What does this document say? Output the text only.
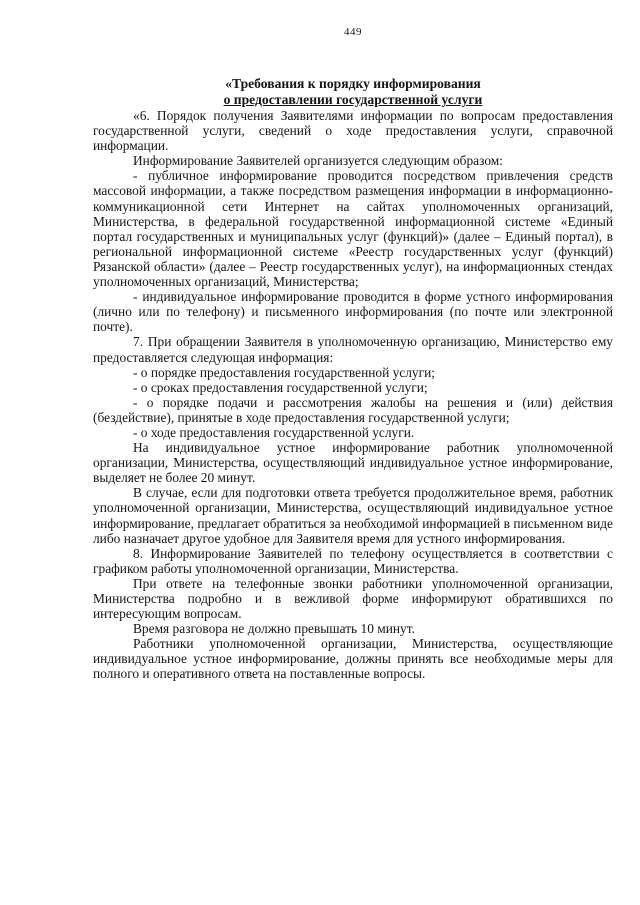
449
«Требования к порядку информирования
о предоставлении государственной услуги

«6. Порядок получения Заявителями информации по вопросам предоставления государственной услуги, сведений о ходе предоставления услуги, справочной информации.

Информирование Заявителей организуется следующим образом:

- публичное информирование проводится посредством привлечения средств массовой информации, а также посредством размещения информации в информационно-коммуникационной сети Интернет на сайтах уполномоченных организаций, Министерства, в федеральной государственной информационной системе «Единый портал государственных и муниципальных услуг (функций)» (далее – Единый портал), в региональной информационной системе «Реестр государственных услуг (функций) Рязанской области» (далее – Реестр государственных услуг), на информационных стендах уполномоченных организаций, Министерства;

- индивидуальное информирование проводится в форме устного информирования (лично или по телефону) и письменного информирования (по почте или электронной почте).

7. При обращении Заявителя в уполномоченную организацию, Министерство ему предоставляется следующая информация:

- о порядке предоставления государственной услуги;

- о сроках предоставления государственной услуги;

- о порядке подачи и рассмотрения жалобы на решения и (или) действия (бездействие), принятые в ходе предоставления государственной услуги;

- о ходе предоставления государственной услуги.

На индивидуальное устное информирование работник уполномоченной организации, Министерства, осуществляющий индивидуальное устное информирование, выделяет не более 20 минут.

В случае, если для подготовки ответа требуется продолжительное время, работник уполномоченной организации, Министерства, осуществляющий индивидуальное устное информирование, предлагает обратиться за необходимой информацией в письменном виде либо назначает другое удобное для Заявителя время для устного информирования.

8. Информирование Заявителей по телефону осуществляется в соответствии с графиком работы уполномоченной организации, Министерства.

При ответе на телефонные звонки работники уполномоченной организации, Министерства подробно и в вежливой форме информируют обратившихся по интересующим вопросам.

Время разговора не должно превышать 10 минут.

Работники уполномоченной организации, Министерства, осуществляющие индивидуальное устное информирование, должны принять все необходимые меры для полного и оперативного ответа на поставленные вопросы.
